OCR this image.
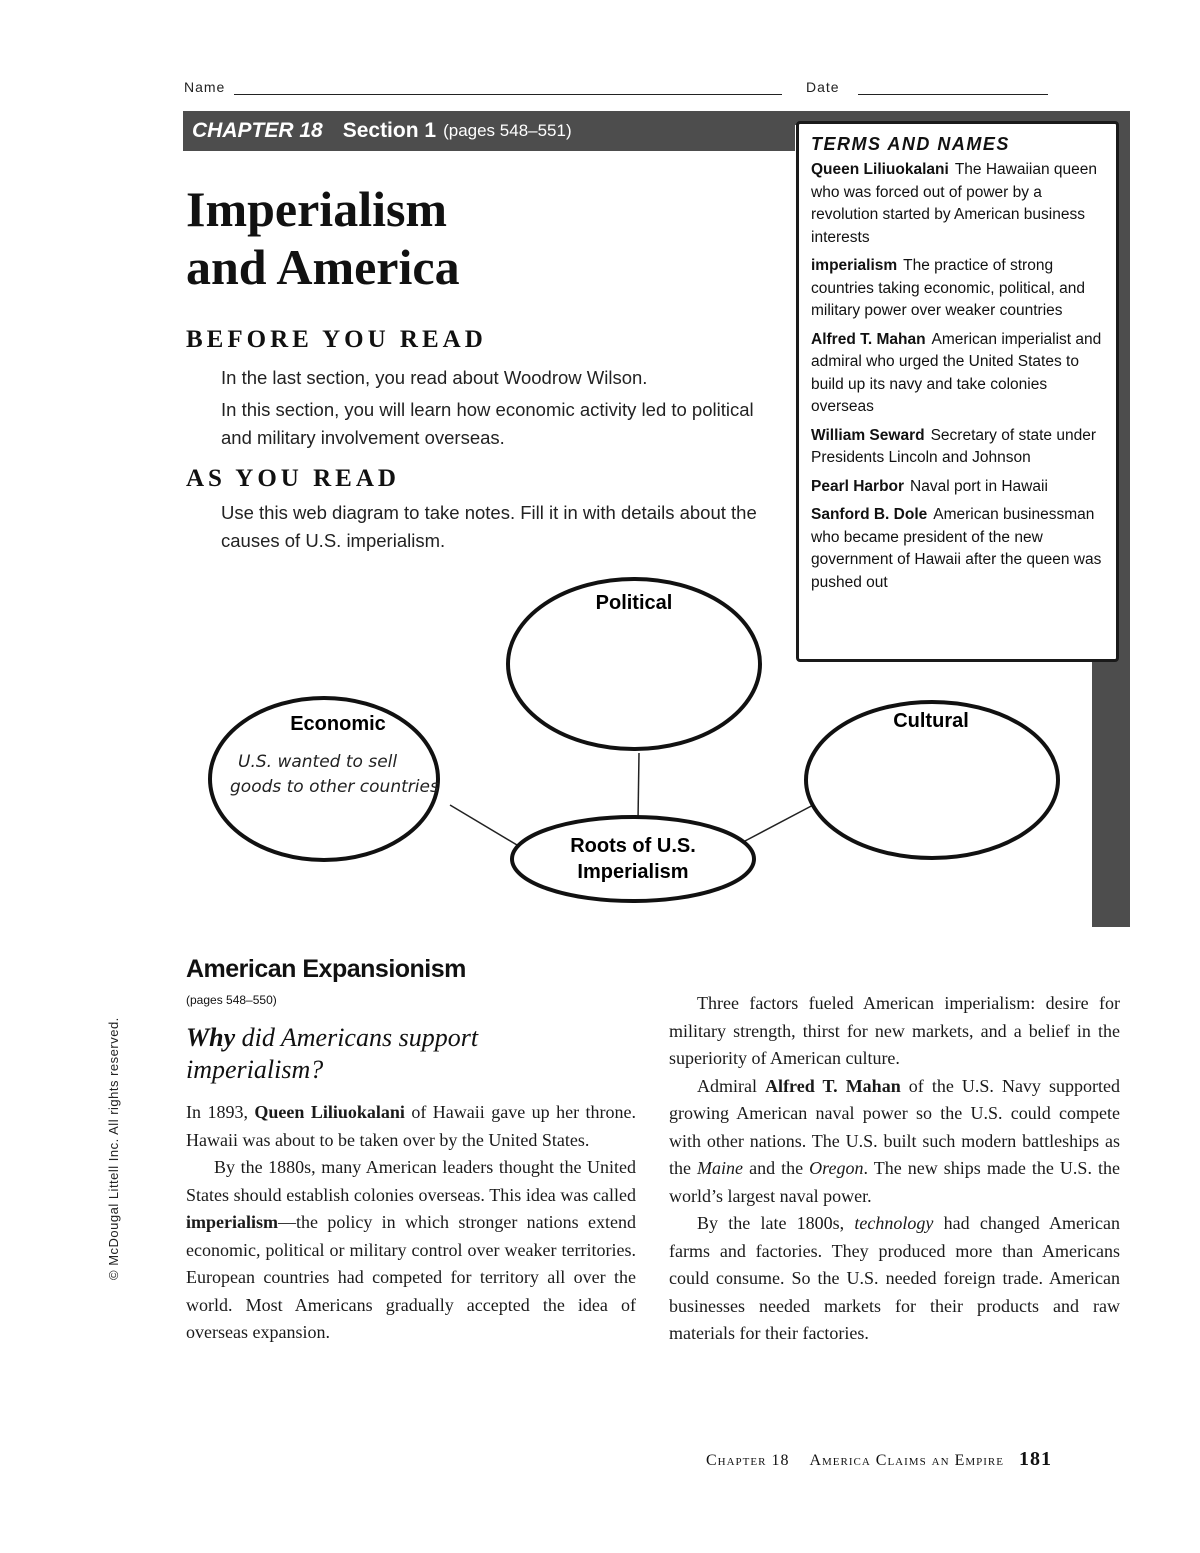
Name	Date
CHAPTER 18 Section 1 (pages 548–551)
TERMS AND NAMES
Queen Liliuokalani The Hawaiian queen who was forced out of power by a revolution started by American business interests
imperialism The practice of strong countries taking economic, political, and military power over weaker countries
Alfred T. Mahan American imperialist and admiral who urged the United States to build up its navy and take colonies overseas
William Seward Secretary of state under Presidents Lincoln and Johnson
Pearl Harbor Naval port in Hawaii
Sanford B. Dole American businessman who became president of the new government of Hawaii after the queen was pushed out
Imperialism
and America
BEFORE YOU READ
In the last section, you read about Woodrow Wilson.
In this section, you will learn how economic activity led to political and military involvement overseas.
AS YOU READ
Use this web diagram to take notes. Fill it in with details about the causes of U.S. imperialism.
Political
Economic
U.S. wanted to sell
goods to other countries
Cultural
Roots of U.S.
Imperialism
American Expansionism
(pages 548–550)
Why did Americans support imperialism?

In 1893, Queen Liliuokalani of Hawaii gave up her throne. Hawaii was about to be taken over by the United States.

By the 1880s, many American leaders thought the United States should establish colonies overseas. This idea was called imperialism—the policy in which stronger nations extend economic, political or military control over weaker territories. European countries had competed for territory all over the world. Most Americans gradually accepted the idea of overseas expansion.

Three factors fueled American imperialism: desire for military strength, thirst for new markets, and a belief in the superiority of American culture.

Admiral Alfred T. Mahan of the U.S. Navy supported growing American naval power so the U.S. could compete with other nations. The U.S. built such modern battleships as the Maine and the Oregon. The new ships made the U.S. the world’s largest naval power.

By the late 1800s, technology had changed American farms and factories. They produced more than Americans could consume. So the U.S. needed foreign trade. American businesses needed markets for their products and raw materials for their factories.

© McDougal Littell Inc. All rights reserved.
Chapter 18 America Claims an Empire 181
